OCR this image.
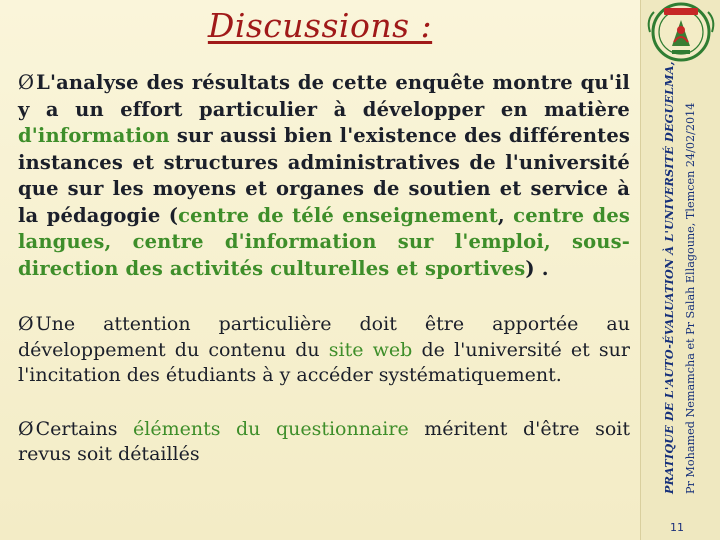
Discussions :

Ø L'analyse des résultats de cette enquête montre qu'il y a un effort particulier à développer en matière d'information sur aussi bien l'existence des différentes instances et structures administratives de l'université que sur les moyens et organes de soutien et service à la pédagogie (centre de télé enseignement, centre des langues, centre d'information sur l'emploi, sous-direction des activités culturelles et sportives) .

Ø Une attention particulière doit être apportée au développement du contenu du site web de l'université et sur l'incitation des étudiants à y accéder systématiquement.

Ø Certains éléments du questionnaire méritent d'être soit revus soit détaillés	PRATIQUE DE L'AUTO-ÉVALUATION À L'UNIVERSITÉ DEGUELMA, Pr Mohamed Nemamcha et Pr Salah Ellagoune, Tlemcen 24/02/2014
11
